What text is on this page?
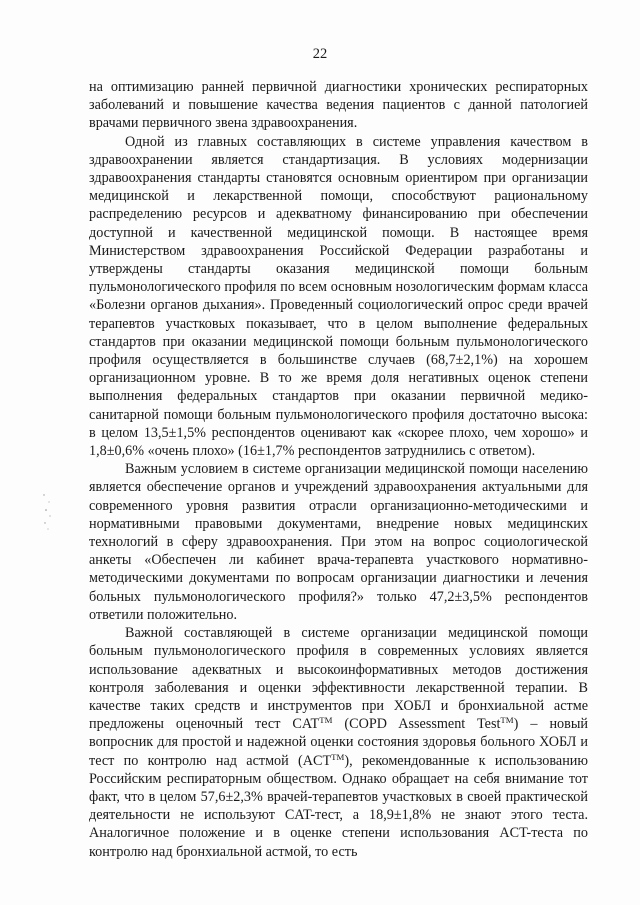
22

на оптимизацию ранней первичной диагностики хронических респираторных заболеваний и повышение качества ведения пациентов с данной патологией врачами первичного звена здравоохранения.

Одной из главных составляющих в системе управления качеством в здравоохранении является стандартизация. В условиях модернизации здравоохранения стандарты становятся основным ориентиром при организации медицинской и лекарственной помощи, способствуют рациональному распределению ресурсов и адекватному финансированию при обеспечении доступной и качественной медицинской помощи. В настоящее время Министерством здравоохранения Российской Федерации разработаны и утверждены стандарты оказания медицинской помощи больным пульмонологического профиля по всем основным нозологическим формам класса «Болезни органов дыхания». Проведенный социологический опрос среди врачей терапевтов участковых показывает, что в целом выполнение федеральных стандартов при оказании медицинской помощи больным пульмонологического профиля осуществляется в большинстве случаев (68,7±2,1%) на хорошем организационном уровне. В то же время доля негативных оценок степени выполнения федеральных стандартов при оказании первичной медико-санитарной помощи больным пульмонологического профиля достаточно высока: в целом 13,5±1,5% респондентов оценивают как «скорее плохо, чем хорошо» и 1,8±0,6% «очень плохо» (16±1,7% респондентов затруднились с ответом).

Важным условием в системе организации медицинской помощи населению является обеспечение органов и учреждений здравоохранения актуальными для современного уровня развития отрасли организационно-методическими и нормативными правовыми документами, внедрение новых медицинских технологий в сферу здравоохранения. При этом на вопрос социологической анкеты «Обеспечен ли кабинет врача-терапевта участкового нормативно-методическими документами по вопросам организации диагностики и лечения больных пульмонологического профиля?» только 47,2±3,5% респондентов ответили положительно.

Важной составляющей в системе организации медицинской помощи больным пульмонологического профиля в современных условиях является использование адекватных и высокоинформативных методов достижения контроля заболевания и оценки эффективности лекарственной терапии. В качестве таких средств и инструментов при ХОБЛ и бронхиальной астме предложены оценочный тест CAT™ (COPD Assessment Test™) – новый вопросник для простой и надежной оценки состояния здоровья больного ХОБЛ и тест по контролю над астмой (ACT™), рекомендованные к использованию Российским респираторным обществом. Однако обращает на себя внимание тот факт, что в целом 57,6±2,3% врачей-терапевтов участковых в своей практической деятельности не используют CAT-тест, а 18,9±1,8% не знают этого теста. Аналогичное положение и в оценке степени использования ACT-теста по контролю над бронхиальной астмой, то есть
